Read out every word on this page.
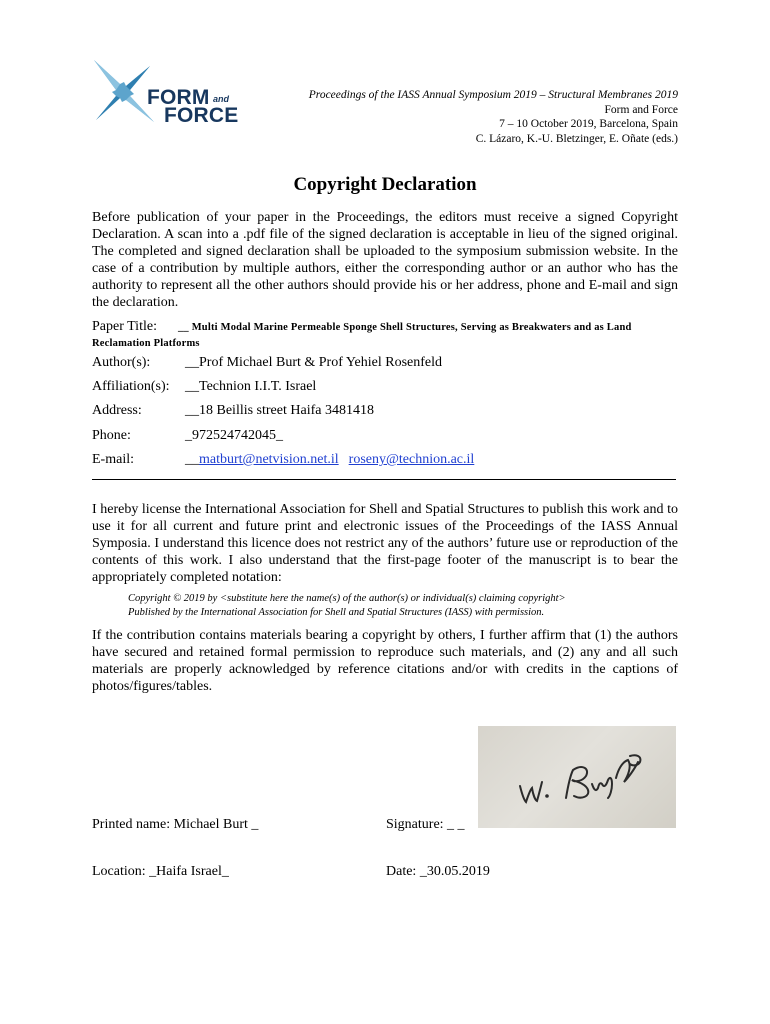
FORM and
FORCE
Proceedings of the IASS Annual Symposium 2019 – Structural Membranes 2019
Form and Force
7 – 10 October 2019, Barcelona, Spain
C. Lázaro, K.-U. Bletzinger, E. Oñate (eds.)
Copyright Declaration
Before publication of your paper in the Proceedings, the editors must receive a signed Copyright Declaration. A scan into a .pdf file of the signed declaration is acceptable in lieu of the signed original. The completed and signed declaration shall be uploaded to the symposium submission website. In the case of a contribution by multiple authors, either the corresponding author or an author who has the authority to represent all the other authors should provide his or her address, phone and E-mail and sign the declaration.
Paper Title: __ Multi Modal Marine Permeable Sponge Shell Structures, Serving as Breakwaters and as Land Reclamation Platforms
Author(s): __Prof Michael Burt & Prof Yehiel Rosenfeld
Affiliation(s): __Technion I.I.T. Israel
Address:	__18 Beillis street Haifa 3481418
Phone:	_972524742045_
E-mail:	__matburt@netvision.net.il roseny@technion.ac.il
I hereby license the International Association for Shell and Spatial Structures to publish this work and to use it for all current and future print and electronic issues of the Proceedings of the IASS Annual Symposia. I understand this licence does not restrict any of the authors’ future use or reproduction of the contents of this work. I also understand that the first-page footer of the manuscript is to bear the appropriately completed notation:
Copyright © 2019 by <substitute here the name(s) of the author(s) or individual(s) claiming copyright>
Published by the International Association for Shell and Spatial Structures (IASS) with permission.
If the contribution contains materials bearing a copyright by others, I further affirm that (1) the authors have secured and retained formal permission to reproduce such materials, and (2) any and all such materials are properly acknowledged by reference citations and/or with credits in the captions of photos/figures/tables.
Printed name: Michael Burt _	Signature: _ _
Location: _Haifa Israel_	Date: _30.05.2019
